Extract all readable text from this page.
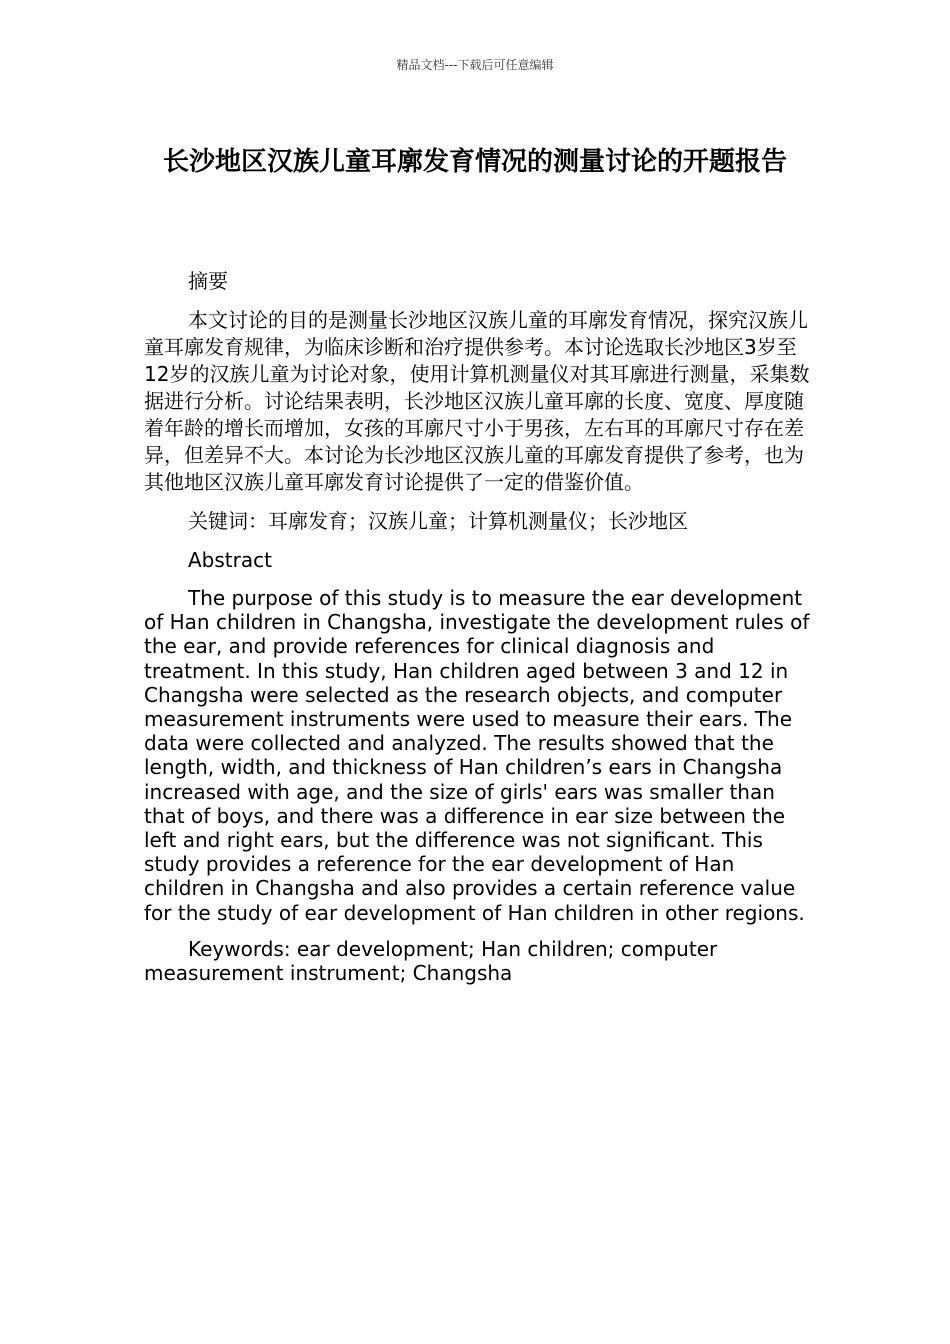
精品文档---下载后可任意编辑
长沙地区汉族儿童耳廓发育情况的测量讨论的开题报告

摘要

本文讨论的目的是测量长沙地区汉族儿童的耳廓发育情况，探究汉族儿童耳廓发育规律，为临床诊断和治疗提供参考。本讨论选取长沙地区3岁至12岁的汉族儿童为讨论对象，使用计算机测量仪对其耳廓进行测量，采集数据进行分析。讨论结果表明，长沙地区汉族儿童耳廓的长度、宽度、厚度随着年龄的增长而增加，女孩的耳廓尺寸小于男孩，左右耳的耳廓尺寸存在差异，但差异不大。本讨论为长沙地区汉族儿童的耳廓发育提供了参考，也为其他地区汉族儿童耳廓发育讨论提供了一定的借鉴价值。

关键词：耳廓发育；汉族儿童；计算机测量仪；长沙地区

Abstract

The purpose of this study is to measure the ear development of Han children in Changsha, investigate the development rules of the ear, and provide references for clinical diagnosis and treatment. In this study, Han children aged between 3 and 12 in Changsha were selected as the research objects, and computer measurement instruments were used to measure their ears. The data were collected and analyzed. The results showed that the length, width, and thickness of Han children’s ears in Changsha increased with age, and the size of girls' ears was smaller than that of boys, and there was a difference in ear size between the left and right ears, but the difference was not significant. This study provides a reference for the ear development of Han children in Changsha and also provides a certain reference value for the study of ear development of Han children in other regions.

Keywords: ear development; Han children; computer measurement instrument; Changsha
